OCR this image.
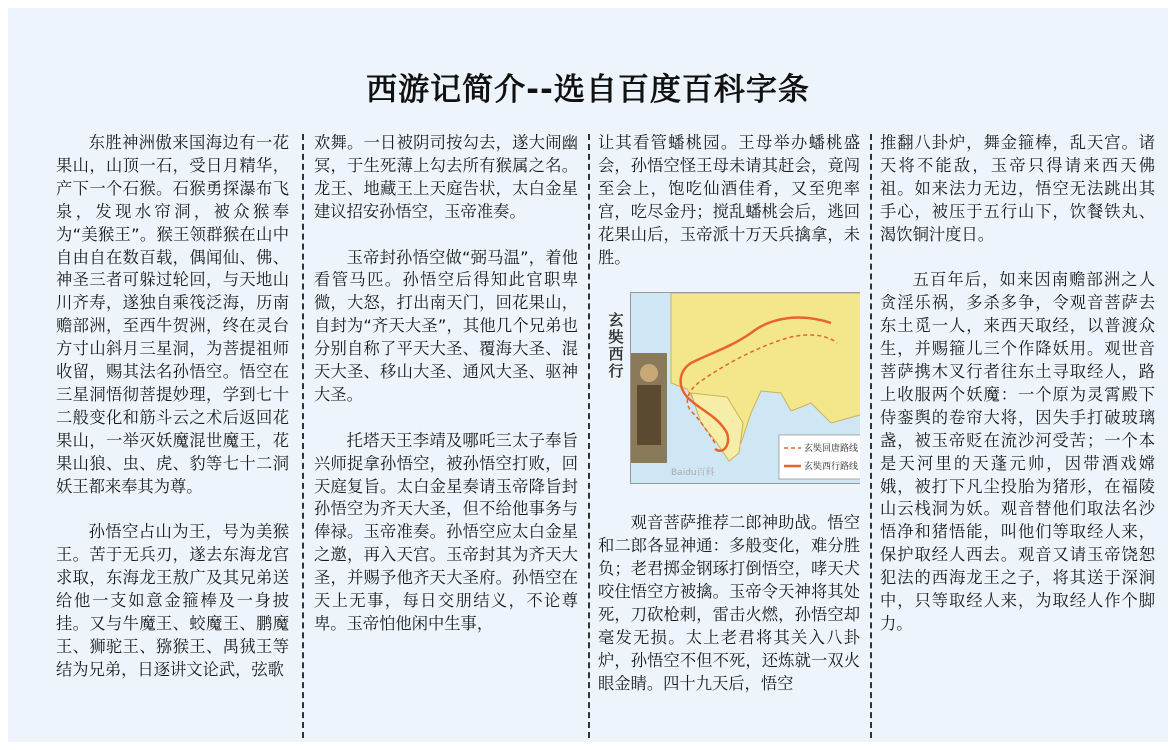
西游记简介--选自百度百科字条

东胜神洲傲来国海边有一花果山，山顶一石，受日月精华，产下一个石猴。石猴勇探瀑布飞泉，发现水帘洞，被众猴奉为“美猴王”。猴王领群猴在山中自由自在数百载，偶闻仙、佛、神圣三者可躲过轮回，与天地山川齐寿，遂独自乘筏泛海，历南赡部洲，至西牛贺洲，终在灵台方寸山斜月三星洞，为菩提祖师收留，赐其法名孙悟空。悟空在三星洞悟彻菩提妙理，学到七十二般变化和筋斗云之术后返回花果山，一举灭妖魔混世魔王，花果山狼、虫、虎、豹等七十二洞妖王都来奉其为尊。

孙悟空占山为王，号为美猴王。苦于无兵刃，遂去东海龙宫求取，东海龙王敖广及其兄弟送给他一支如意金箍棒及一身披挂。又与牛魔王、蛟魔王、鹏魔王、狮驼王、猕猴王、禺狨王等结为兄弟，日逐讲文论武，弦歌

欢舞。一日被阴司按勾去，遂大闹幽冥，于生死薄上勾去所有猴属之名。龙王、地藏王上天庭告状，太白金星建议招安孙悟空，玉帝准奏。

玉帝封孙悟空做“弼马温”，着他看管马匹。孙悟空后得知此官职卑微，大怒，打出南天门，回花果山，自封为“齐天大圣”，其他几个兄弟也分别自称了平天大圣、覆海大圣、混天大圣、移山大圣、通风大圣、驱神大圣。

托塔天王李靖及哪吒三太子奉旨兴师捉拿孙悟空，被孙悟空打败，回天庭复旨。太白金星奏请玉帝降旨封孙悟空为齐天大圣，但不给他事务与俸禄。玉帝准奏。孙悟空应太白金星之邀，再入天宫。玉帝封其为齐天大圣，并赐予他齐天大圣府。孙悟空在天上无事，每日交朋结义，不论尊卑。玉帝怕他闲中生事，

让其看管蟠桃园。王母举办蟠桃盛会，孙悟空怪王母未请其赶会，竟闯至会上，饱吃仙酒佳肴，又至兜率宫，吃尽金丹；搅乱蟠桃会后，逃回花果山后，玉帝派十万天兵擒拿，未胜。

玄奘西行
玄奘回唐路线
玄奘西行路线
Baidu百科

观音菩萨推荐二郎神助战。悟空和二郎各显神通：多般变化，难分胜负；老君掷金钢琢打倒悟空，哮天犬咬住悟空方被擒。玉帝令天神将其处死，刀砍枪刺，雷击火燃，孙悟空却毫发无损。太上老君将其关入八卦炉，孙悟空不但不死，还炼就一双火眼金睛。四十九天后，悟空

推翻八卦炉，舞金箍棒，乱天宫。诸天将不能敌，玉帝只得请来西天佛祖。如来法力无边，悟空无法跳出其手心，被压于五行山下，饮餐铁丸、渴饮铜汁度日。

五百年后，如来因南赡部洲之人贪淫乐祸，多杀多争，令观音菩萨去东土觅一人，来西天取经，以普渡众生，并赐箍儿三个作降妖用。观世音菩萨携木叉行者往东土寻取经人，路上收服两个妖魔：一个原为灵霄殿下侍銮舆的卷帘大将，因失手打破玻璃盏，被玉帝贬在流沙河受苦；一个本是天河里的天蓬元帅，因带酒戏嫦娥，被打下凡尘投胎为猪形，在福陵山云栈洞为妖。观音替他们取法名沙悟净和猪悟能，叫他们等取经人来，保护取经人西去。观音又请玉帝饶恕犯法的西海龙王之子，将其送于深涧中，只等取经人来，为取经人作个脚力。
